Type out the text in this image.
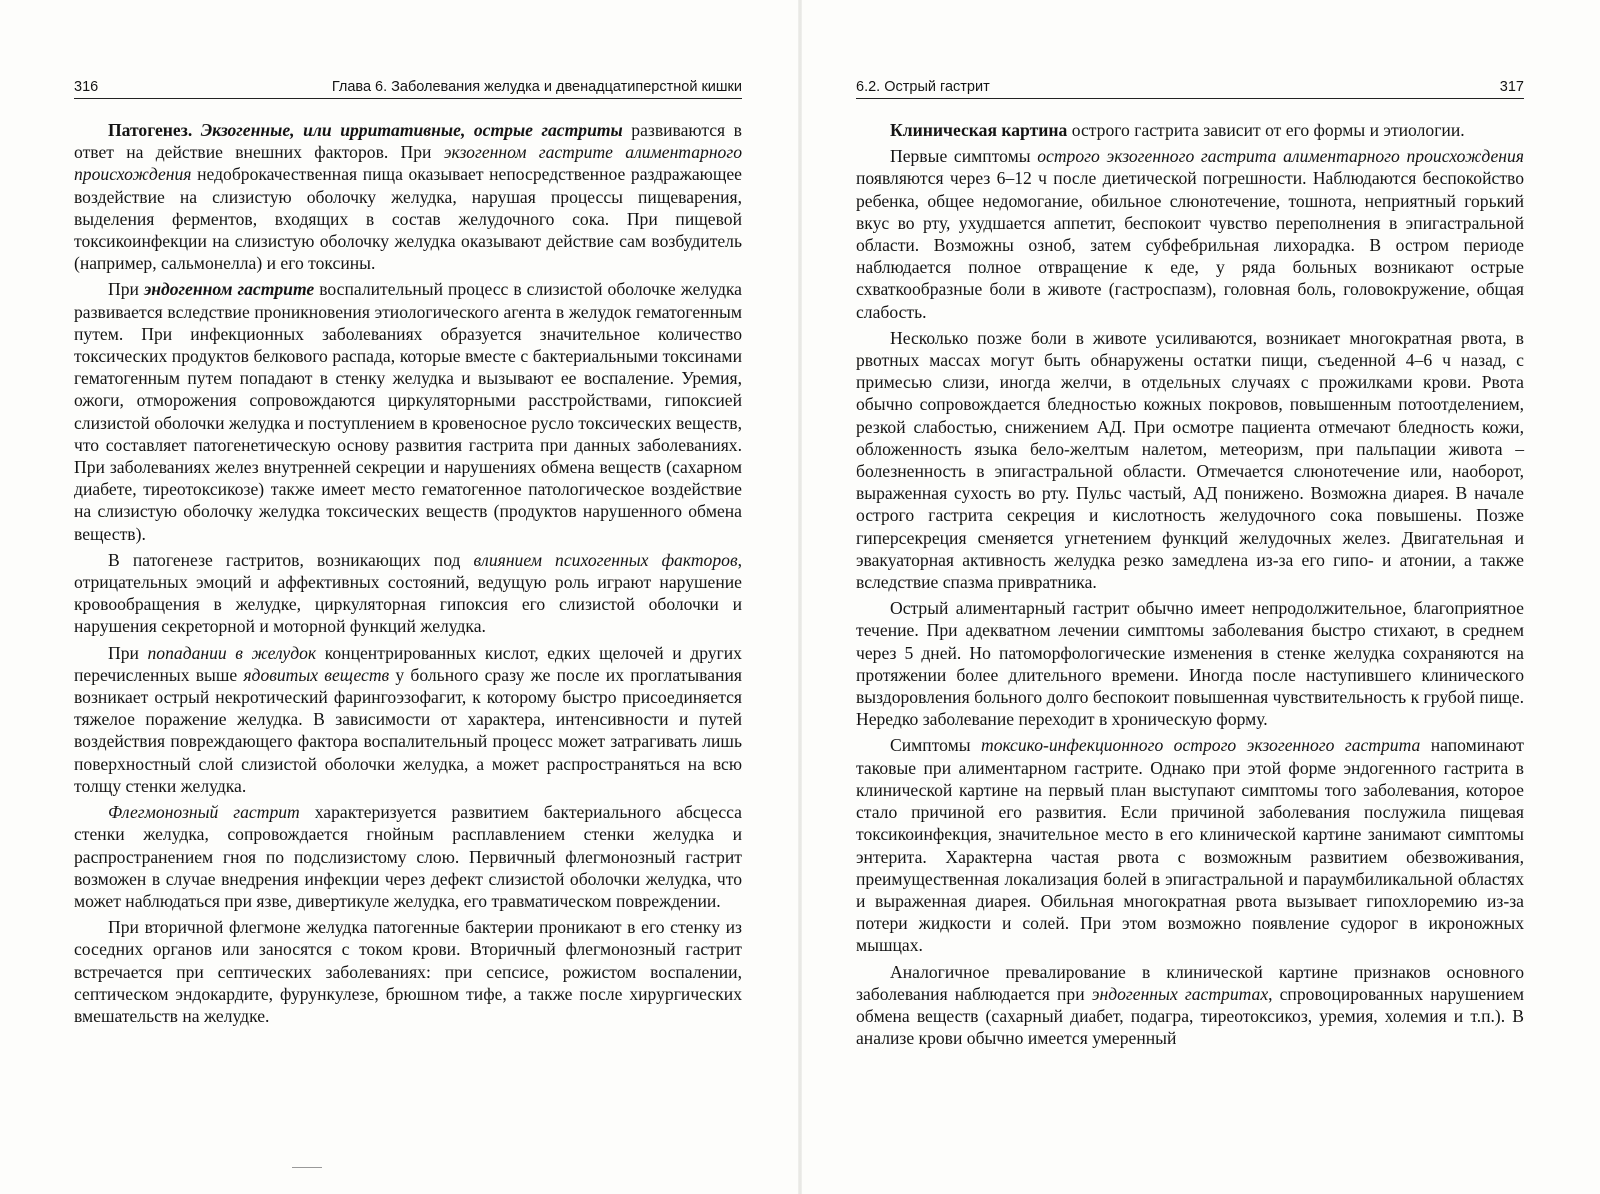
316	Глава 6. Заболевания желудка и двенадцатиперстной кишки

Патогенез. Экзогенные, или ирритативные, острые гастриты развиваются в ответ на действие внешних факторов. При экзогенном гастрите алиментарного происхождения недоброкачественная пища оказывает непосредственное раздражающее воздействие на слизистую оболочку желудка, нарушая процессы пищеварения, выделения ферментов, входящих в состав желудочного сока. При пищевой токсикоинфекции на слизистую оболочку желудка оказывают действие сам возбудитель (например, сальмонелла) и его токсины.

При эндогенном гастрите воспалительный процесс в слизистой оболочке желудка развивается вследствие проникновения этиологического агента в желудок гематогенным путем. При инфекционных заболеваниях образуется значительное количество токсических продуктов белкового распада, которые вместе с бактериальными токсинами гематогенным путем попадают в стенку желудка и вызывают ее воспаление. Уремия, ожоги, отморожения сопровождаются циркуляторными расстройствами, гипоксией слизистой оболочки желудка и поступлением в кровеносное русло токсических веществ, что составляет патогенетическую основу развития гастрита при данных заболеваниях. При заболеваниях желез внутренней секреции и нарушениях обмена веществ (сахарном диабете, тиреотоксикозе) также имеет место гематогенное патологическое воздействие на слизистую оболочку желудка токсических веществ (продуктов нарушенного обмена веществ).

В патогенезе гастритов, возникающих под влиянием психогенных факторов, отрицательных эмоций и аффективных состояний, ведущую роль играют нарушение кровообращения в желудке, циркуляторная гипоксия его слизистой оболочки и нарушения секреторной и моторной функций желудка.

При попадании в желудок концентрированных кислот, едких щелочей и других перечисленных выше ядовитых веществ у больного сразу же после их проглатывания возникает острый некротический фарингоэзофагит, к которому быстро присоединяется тяжелое поражение желудка. В зависимости от характера, интенсивности и путей воздействия повреждающего фактора воспалительный процесс может затрагивать лишь поверхностный слой слизистой оболочки желудка, а может распространяться на всю толщу стенки желудка.

Флегмонозный гастрит характеризуется развитием бактериального абсцесса стенки желудка, сопровождается гнойным расплавлением стенки желудка и распространением гноя по подслизистому слою. Первичный флегмонозный гастрит возможен в случае внедрения инфекции через дефект слизистой оболочки желудка, что может наблюдаться при язве, дивертикуле желудка, его травматическом повреждении.

При вторичной флегмоне желудка патогенные бактерии проникают в его стенку из соседних органов или заносятся с током крови. Вторичный флегмонозный гастрит встречается при септических заболеваниях: при сепсисе, рожистом воспалении, септическом эндокардите, фурункулезе, брюшном тифе, а также после хирургических вмешательств на желудке.

6.2. Острый гастрит	317

Клиническая картина острого гастрита зависит от его формы и этиологии.

Первые симптомы острого экзогенного гастрита алиментарного происхождения появляются через 6–12 ч после диетической погрешности. Наблюдаются беспокойство ребенка, общее недомогание, обильное слюнотечение, тошнота, неприятный горький вкус во рту, ухудшается аппетит, беспокоит чувство переполнения в эпигастральной области. Возможны озноб, затем субфебрильная лихорадка. В остром периоде наблюдается полное отвращение к еде, у ряда больных возникают острые схваткообразные боли в животе (гастроспазм), головная боль, головокружение, общая слабость.

Несколько позже боли в животе усиливаются, возникает многократная рвота, в рвотных массах могут быть обнаружены остатки пищи, съеденной 4–6 ч назад, с примесью слизи, иногда желчи, в отдельных случаях с прожилками крови. Рвота обычно сопровождается бледностью кожных покровов, повышенным потоотделением, резкой слабостью, снижением АД. При осмотре пациента отмечают бледность кожи, обложенность языка бело-желтым налетом, метеоризм, при пальпации живота – болезненность в эпигастральной области. Отмечается слюнотечение или, наоборот, выраженная сухость во рту. Пульс частый, АД понижено. Возможна диарея. В начале острого гастрита секреция и кислотность желудочного сока повышены. Позже гиперсекреция сменяется угнетением функций желудочных желез. Двигательная и эвакуаторная активность желудка резко замедлена из-за его гипо- и атонии, а также вследствие спазма привратника.

Острый алиментарный гастрит обычно имеет непродолжительное, благоприятное течение. При адекватном лечении симптомы заболевания быстро стихают, в среднем через 5 дней. Но патоморфологические изменения в стенке желудка сохраняются на протяжении более длительного времени. Иногда после наступившего клинического выздоровления больного долго беспокоит повышенная чувствительность к грубой пище. Нередко заболевание переходит в хроническую форму.

Симптомы токсико-инфекционного острого экзогенного гастрита напоминают таковые при алиментарном гастрите. Однако при этой форме эндогенного гастрита в клинической картине на первый план выступают симптомы того заболевания, которое стало причиной его развития. Если причиной заболевания послужила пищевая токсикоинфекция, значительное место в его клинической картине занимают симптомы энтерита. Характерна частая рвота с возможным развитием обезвоживания, преимущественная локализация болей в эпигастральной и параумбиликальной областях и выраженная диарея. Обильная многократная рвота вызывает гипохлоремию из-за потери жидкости и солей. При этом возможно появление судорог в икроножных мышцах.

Аналогичное превалирование в клинической картине признаков основного заболевания наблюдается при эндогенных гастритах, спровоцированных нарушением обмена веществ (сахарный диабет, подагра, тиреотоксикоз, уремия, холемия и т.п.). В анализе крови обычно имеется умеренный
